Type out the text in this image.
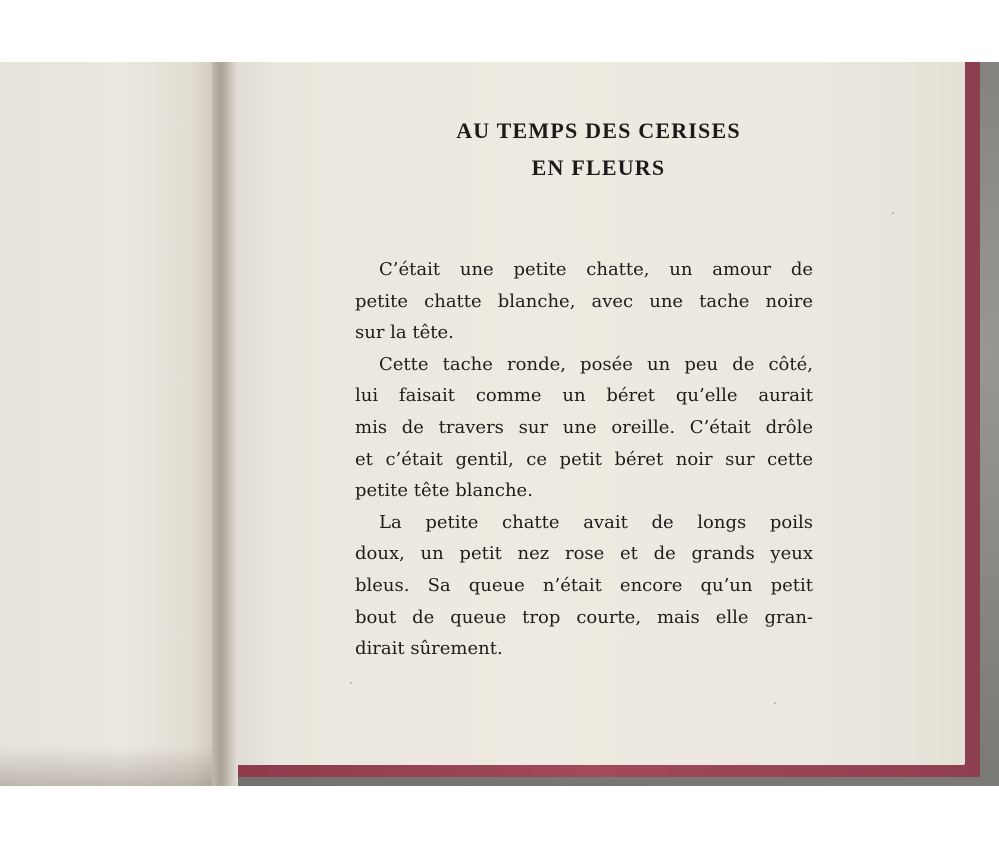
AU TEMPS DES CERISES

EN FLEURS

C’était une petite chatte, un amour de
petite chatte blanche, avec une tache noire
sur la tête.
Cette tache ronde, posée un peu de côté,
lui faisait comme un béret qu’elle aurait
mis de travers sur une oreille. C’était drôle
et c’était gentil, ce petit béret noir sur cette
petite tête blanche.
La petite chatte avait de longs poils
doux, un petit nez rose et de grands yeux
bleus. Sa queue n’était encore qu’un petit
bout de queue trop courte, mais elle gran-
dirait sûrement.
